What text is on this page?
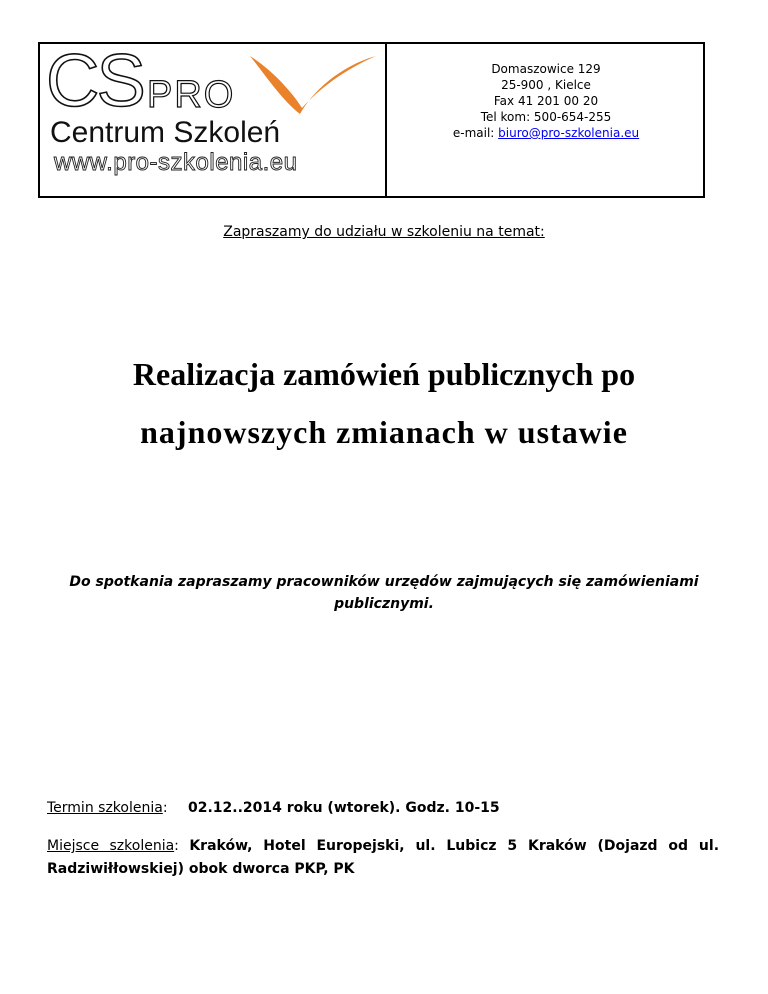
CS PRO
Centrum Szkoleń
www.pro-szkolenia.eu
Domaszowice 129
25-900 , Kielce
Fax 41 201 00 20
Tel kom: 500-654-255
e-mail: biuro@pro-szkolenia.eu
Zapraszamy do udziału w szkoleniu na temat:
Realizacja zamówień publicznych po
najnowszych zmianach w ustawie
Do spotkania zapraszamy pracowników urzędów zajmujących się zamówieniami
publicznymi.
Termin szkolenia: 02.12..2014 roku (wtorek). Godz. 10-15
Miejsce szkolenia: Kraków, Hotel Europejski, ul. Lubicz 5 Kraków (Dojazd od ul.
Radziwiłłowskiej) obok dworca PKP, PK
